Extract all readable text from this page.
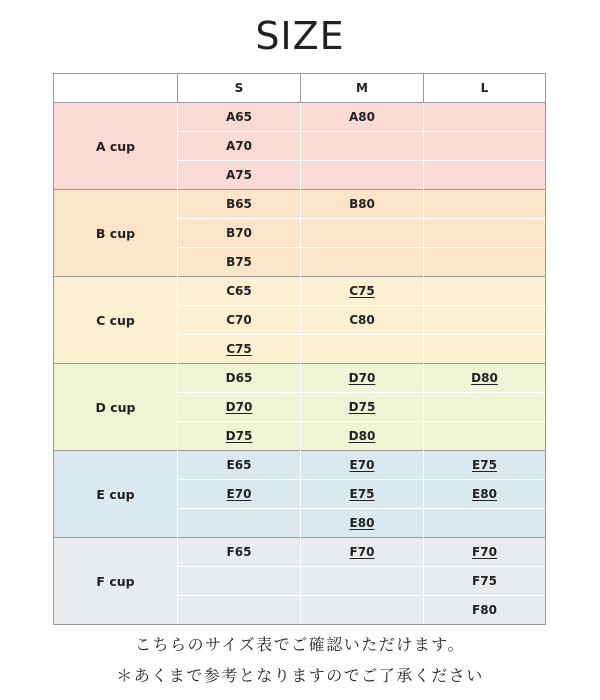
SIZE
	S	M	L
A cup	A65	A80	
	A70		
	A75		
B cup	B65	B80	
	B70		
	B75		
C cup	C65	C75	
	C70	C80	
	C75		
D cup	D65	D70	D80
	D70	D75	
	D75	D80	
E cup	E65	E70	E75
	E70	E75	E80
		E80	
F cup	F65	F70	F70
			F75
			F80
こちらのサイズ表でご確認いただけます。
＊あくまで参考となりますのでご了承ください
